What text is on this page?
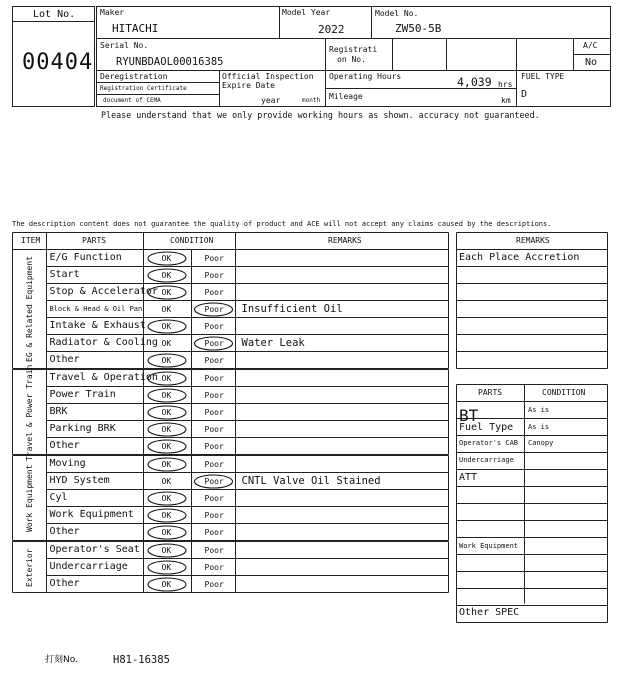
Lot No.
00404
Maker
HITACHI
Model Year
2022
Model No.
ZW50-5B
Serial No.
RYUNBDAOL00016385
Registrati
on No.
A/C
No
Deregistration
Registration Certificate
document of CEMA
Official Inspection
Expire Date
year	month
Operating Hours	4,039 hrs
Mileage	km
FUEL TYPE
D
Please understand that we only provide working hours as shown. accuracy not guaranteed.
The description content does not guarantee the quality of product and ACE will not accept any claims caused by the descriptions.
ITEM	PARTS	CONDITION	REMARKS
E/G Function	OK	Poor
Start	OK	Poor
Stop & Accelerator OK	Poor
Block & Head & Oil Pan OK	Poor Insufficient Oil
Intake & Exhaust OK	Poor
Radiator & Cooling OK	Poor Water Leak
Other	OK	Poor
EG & Related Equipment
Travel & Operation OK	Poor
Power Train	OK	Poor
BRK	OK	Poor
Parking BRK	OK	Poor
Other	OK	Poor
Travel & Power Train
Moving	OK	Poor
HYD System	OK	Poor CNTL Valve Oil Stained
Cyl	OK	Poor
Work Equipment	OK	Poor
Other	OK	Poor
Work Equipment
Operator's Seat	OK	Poor
Undercarriage	OK	Poor
Other	OK	Poor
Exterior
REMARKS
Each Place Accretion
PARTS	CONDITION
BT	As is
Fuel Type As is
Operator's CAB Canopy
Undercarriage
ATT
Work Equipment
Other SPEC
打刻No.	H81-16385
